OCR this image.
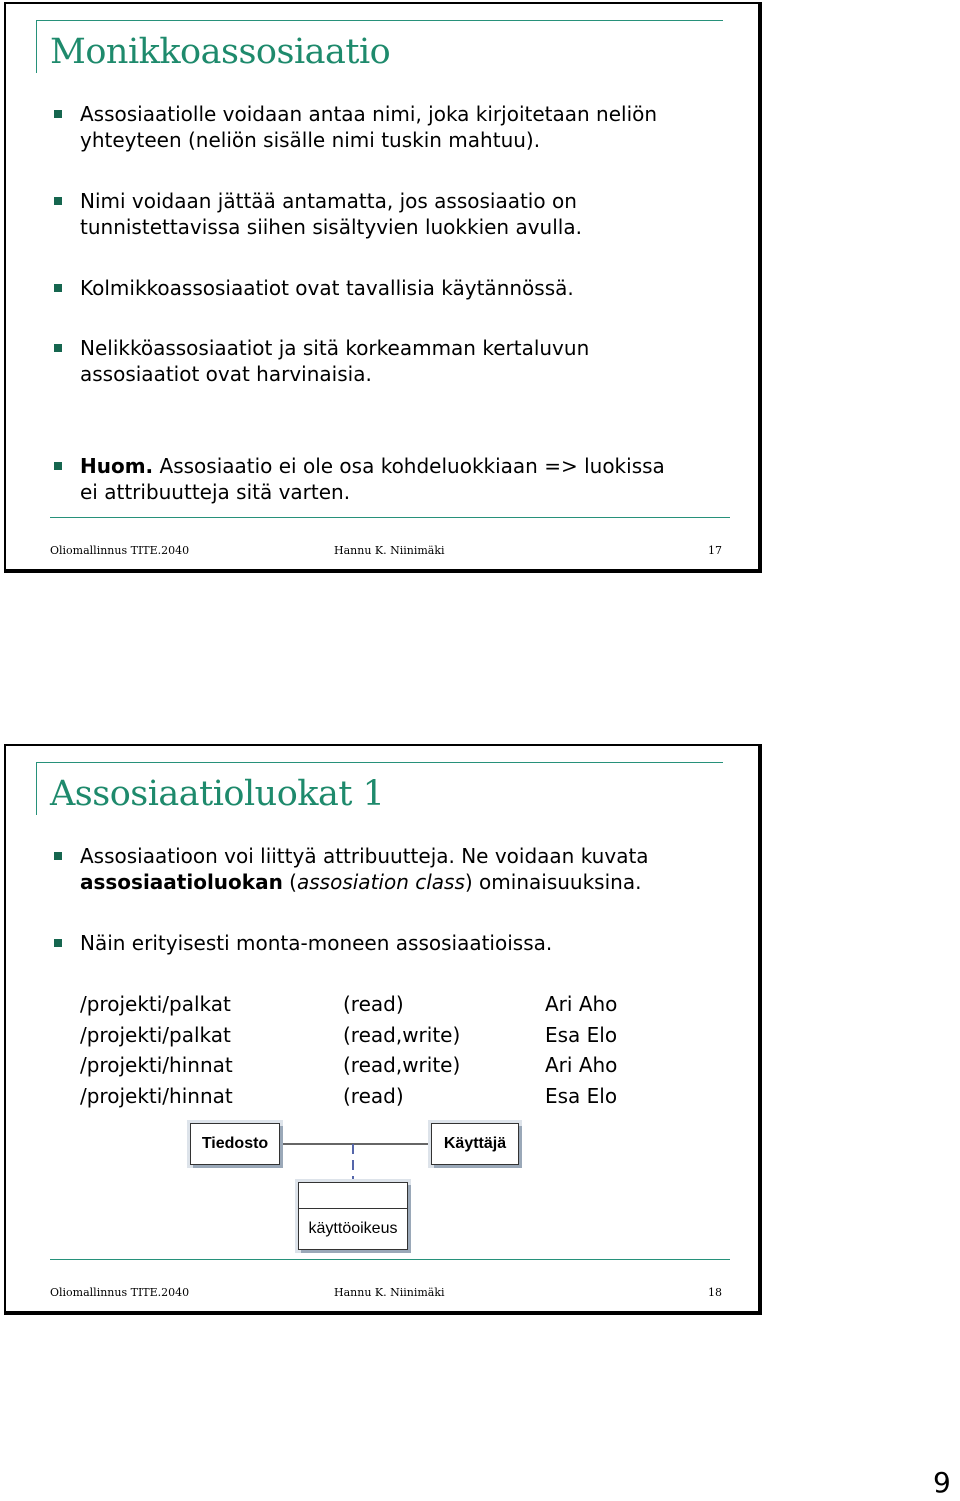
Monikkoassosiaatio
Assosiaatiolle voidaan antaa nimi, joka kirjoitetaan neliön
yhteyteen (neliön sisälle nimi tuskin mahtuu).
Nimi voidaan jättää antamatta, jos assosiaatio on
tunnistettavissa siihen sisältyvien luokkien avulla.
Kolmikkoassosiaatiot ovat tavallisia käytännössä.
Nelikköassosiaatiot ja sitä korkeamman kertaluvun
assosiaatiot ovat harvinaisia.
Huom. Assosiaatio ei ole osa kohdeluokkiaan => luokissa
ei attribuutteja sitä varten.
Oliomallinnus TITE.2040	Hannu K. Niinimäki	17
Assosiaatioluokat 1
Assosiaatioon voi liittyä attribuutteja. Ne voidaan kuvata
assosiaatioluokan (assosiation class) ominaisuuksina.
Näin erityisesti monta-moneen assosiaatioissa.
/projekti/palkat	(read)	Ari Aho
/projekti/palkat	(read,write)	Esa Elo
/projekti/hinnat	(read,write)	Ari Aho
/projekti/hinnat	(read)	Esa Elo
Tiedosto	Käyttäjä
käyttöoikeus
Oliomallinnus TITE.2040	Hannu K. Niinimäki	18
9
